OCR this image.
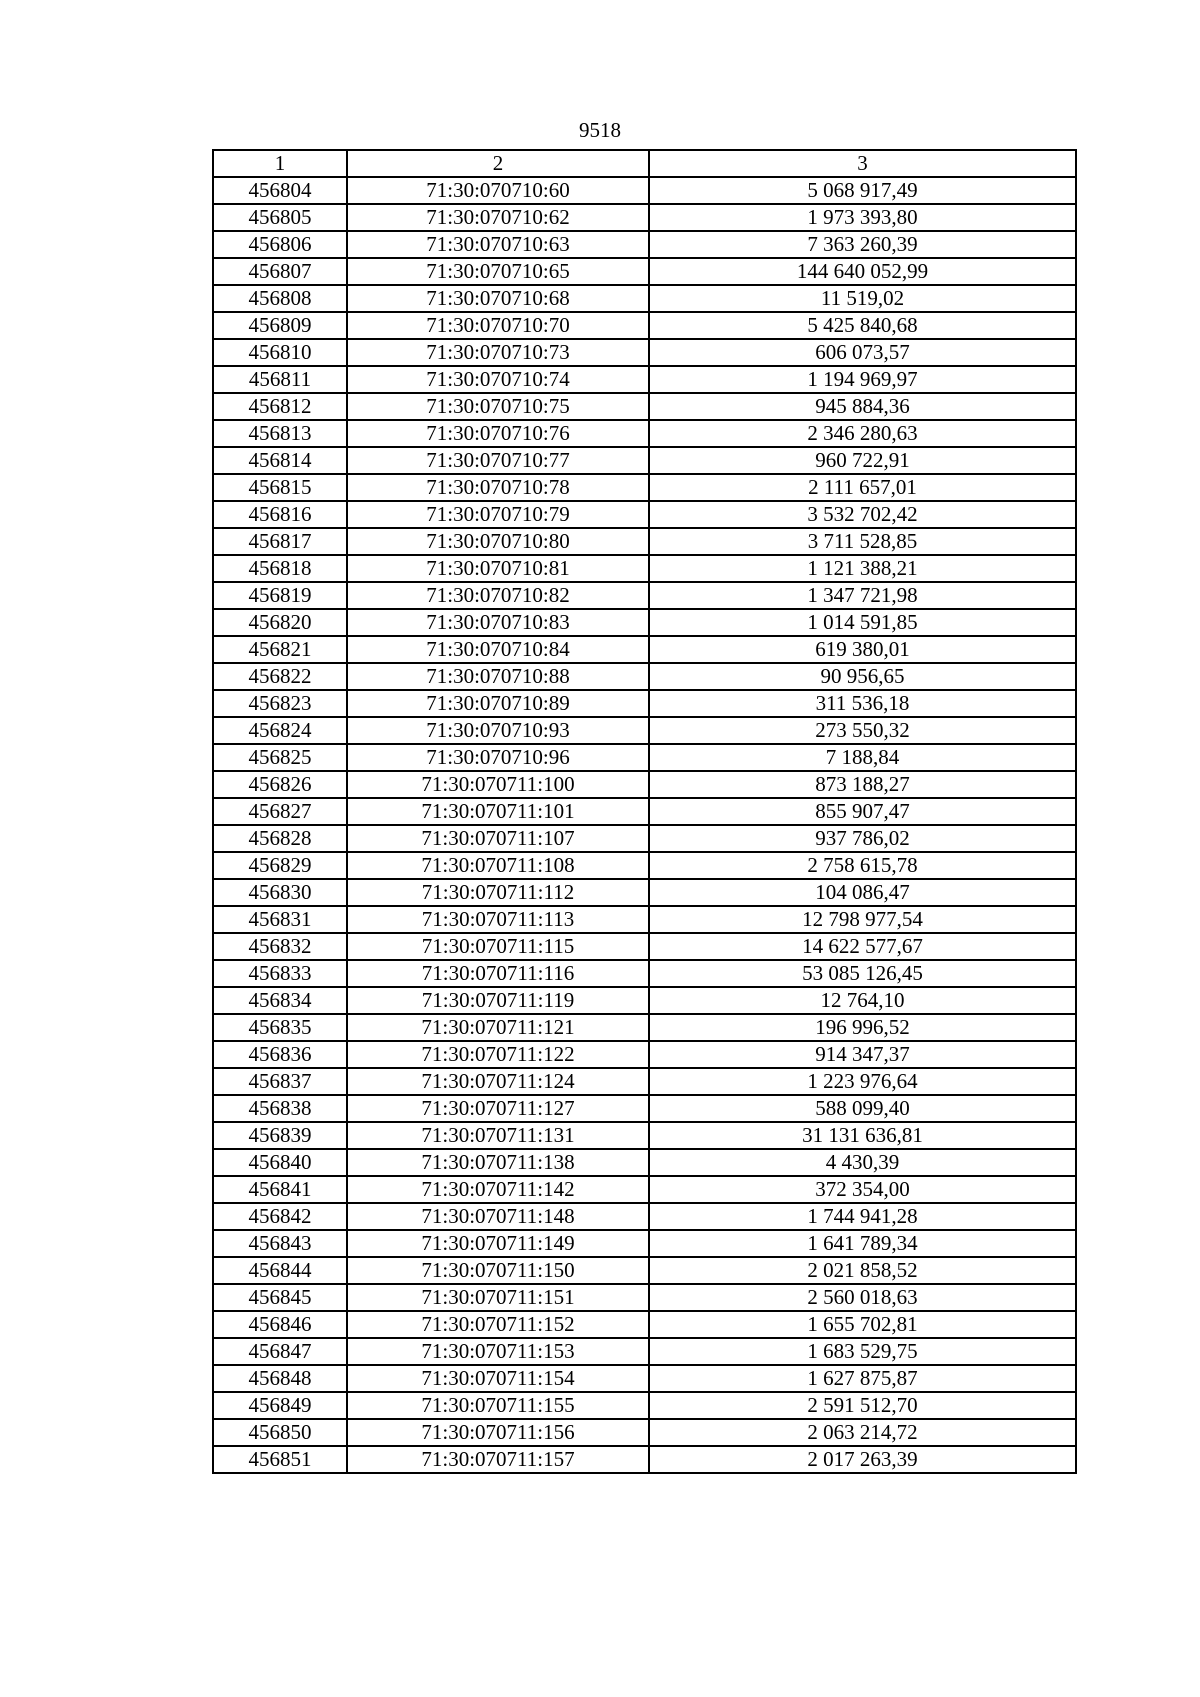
9518
1	2	3
456804	71:30:070710:60	5 068 917,49
456805	71:30:070710:62	1 973 393,80
456806	71:30:070710:63	7 363 260,39
456807	71:30:070710:65	144 640 052,99
456808	71:30:070710:68	11 519,02
456809	71:30:070710:70	5 425 840,68
456810	71:30:070710:73	606 073,57
456811	71:30:070710:74	1 194 969,97
456812	71:30:070710:75	945 884,36
456813	71:30:070710:76	2 346 280,63
456814	71:30:070710:77	960 722,91
456815	71:30:070710:78	2 111 657,01
456816	71:30:070710:79	3 532 702,42
456817	71:30:070710:80	3 711 528,85
456818	71:30:070710:81	1 121 388,21
456819	71:30:070710:82	1 347 721,98
456820	71:30:070710:83	1 014 591,85
456821	71:30:070710:84	619 380,01
456822	71:30:070710:88	90 956,65
456823	71:30:070710:89	311 536,18
456824	71:30:070710:93	273 550,32
456825	71:30:070710:96	7 188,84
456826	71:30:070711:100	873 188,27
456827	71:30:070711:101	855 907,47
456828	71:30:070711:107	937 786,02
456829	71:30:070711:108	2 758 615,78
456830	71:30:070711:112	104 086,47
456831	71:30:070711:113	12 798 977,54
456832	71:30:070711:115	14 622 577,67
456833	71:30:070711:116	53 085 126,45
456834	71:30:070711:119	12 764,10
456835	71:30:070711:121	196 996,52
456836	71:30:070711:122	914 347,37
456837	71:30:070711:124	1 223 976,64
456838	71:30:070711:127	588 099,40
456839	71:30:070711:131	31 131 636,81
456840	71:30:070711:138	4 430,39
456841	71:30:070711:142	372 354,00
456842	71:30:070711:148	1 744 941,28
456843	71:30:070711:149	1 641 789,34
456844	71:30:070711:150	2 021 858,52
456845	71:30:070711:151	2 560 018,63
456846	71:30:070711:152	1 655 702,81
456847	71:30:070711:153	1 683 529,75
456848	71:30:070711:154	1 627 875,87
456849	71:30:070711:155	2 591 512,70
456850	71:30:070711:156	2 063 214,72
456851	71:30:070711:157	2 017 263,39
